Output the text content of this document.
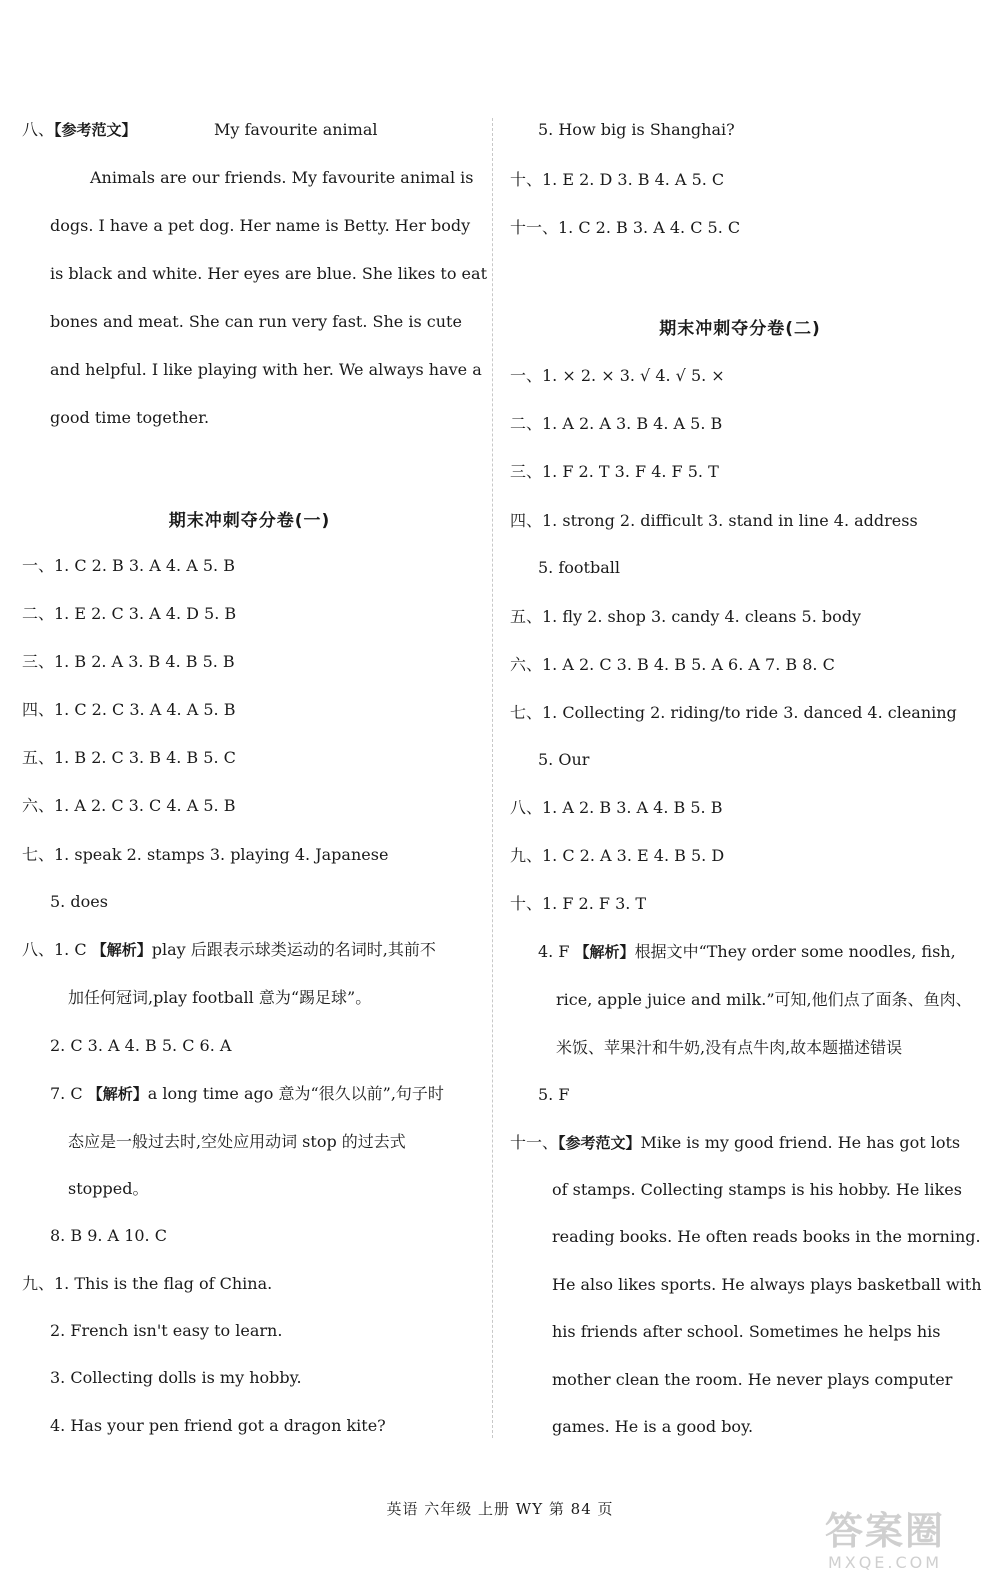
八、【参考范文】	My favourite animal
Animals are our friends. My favourite animal is
dogs. I have a pet dog. Her name is Betty. Her body
is black and white. Her eyes are blue. She likes to eat
bones and meat. She can run very fast. She is cute
and helpful. I like playing with her. We always have a
good time together.
期末冲刺夺分卷(一)
一、1. C 2. B 3. A 4. A 5. B
二、1. E 2. C 3. A 4. D 5. B
三、1. B 2. A 3. B 4. B 5. B
四、1. C 2. C 3. A 4. A 5. B
五、1. B 2. C 3. B 4. B 5. C
六、1. A 2. C 3. C 4. A 5. B
七、1. speak 2. stamps 3. playing 4. Japanese
5. does
八、1. C 【解析】play 后跟表示球类运动的名词时,其前不
加任何冠词,play football 意为“踢足球”。
2. C 3. A 4. B 5. C 6. A
7. C 【解析】a long time ago 意为“很久以前”,句子时
态应是一般过去时,空处应用动词 stop 的过去式
stopped。
8. B 9. A 10. C
九、1. This is the flag of China.
2. French isn't easy to learn.
3. Collecting dolls is my hobby.
4. Has your pen friend got a dragon kite?
5. How big is Shanghai?
十、1. E 2. D 3. B 4. A 5. C
十一、1. C 2. B 3. A 4. C 5. C
期末冲刺夺分卷(二)
一、1. × 2. × 3. √ 4. √ 5. ×
二、1. A 2. A 3. B 4. A 5. B
三、1. F 2. T 3. F 4. F 5. T
四、1. strong 2. difficult 3. stand in line 4. address
5. football
五、1. fly 2. shop 3. candy 4. cleans 5. body
六、1. A 2. C 3. B 4. B 5. A 6. A 7. B 8. C
七、1. Collecting 2. riding/to ride 3. danced 4. cleaning
5. Our
八、1. A 2. B 3. A 4. B 5. B
九、1. C 2. A 3. E 4. B 5. D
十、1. F 2. F 3. T
4. F 【解析】根据文中“They order some noodles, fish,
rice, apple juice and milk.”可知,他们点了面条、鱼肉、
米饭、苹果汁和牛奶,没有点牛肉,故本题描述错误
5. F
十一、【参考范文】Mike is my good friend. He has got lots
of stamps. Collecting stamps is his hobby. He likes
reading books. He often reads books in the morning.
He also likes sports. He always plays basketball with
his friends after school. Sometimes he helps his
mother clean the room. He never plays computer
games. He is a good boy.
英语 六年级 上册 WY 第 84 页	答案圈
MXQE.COM
